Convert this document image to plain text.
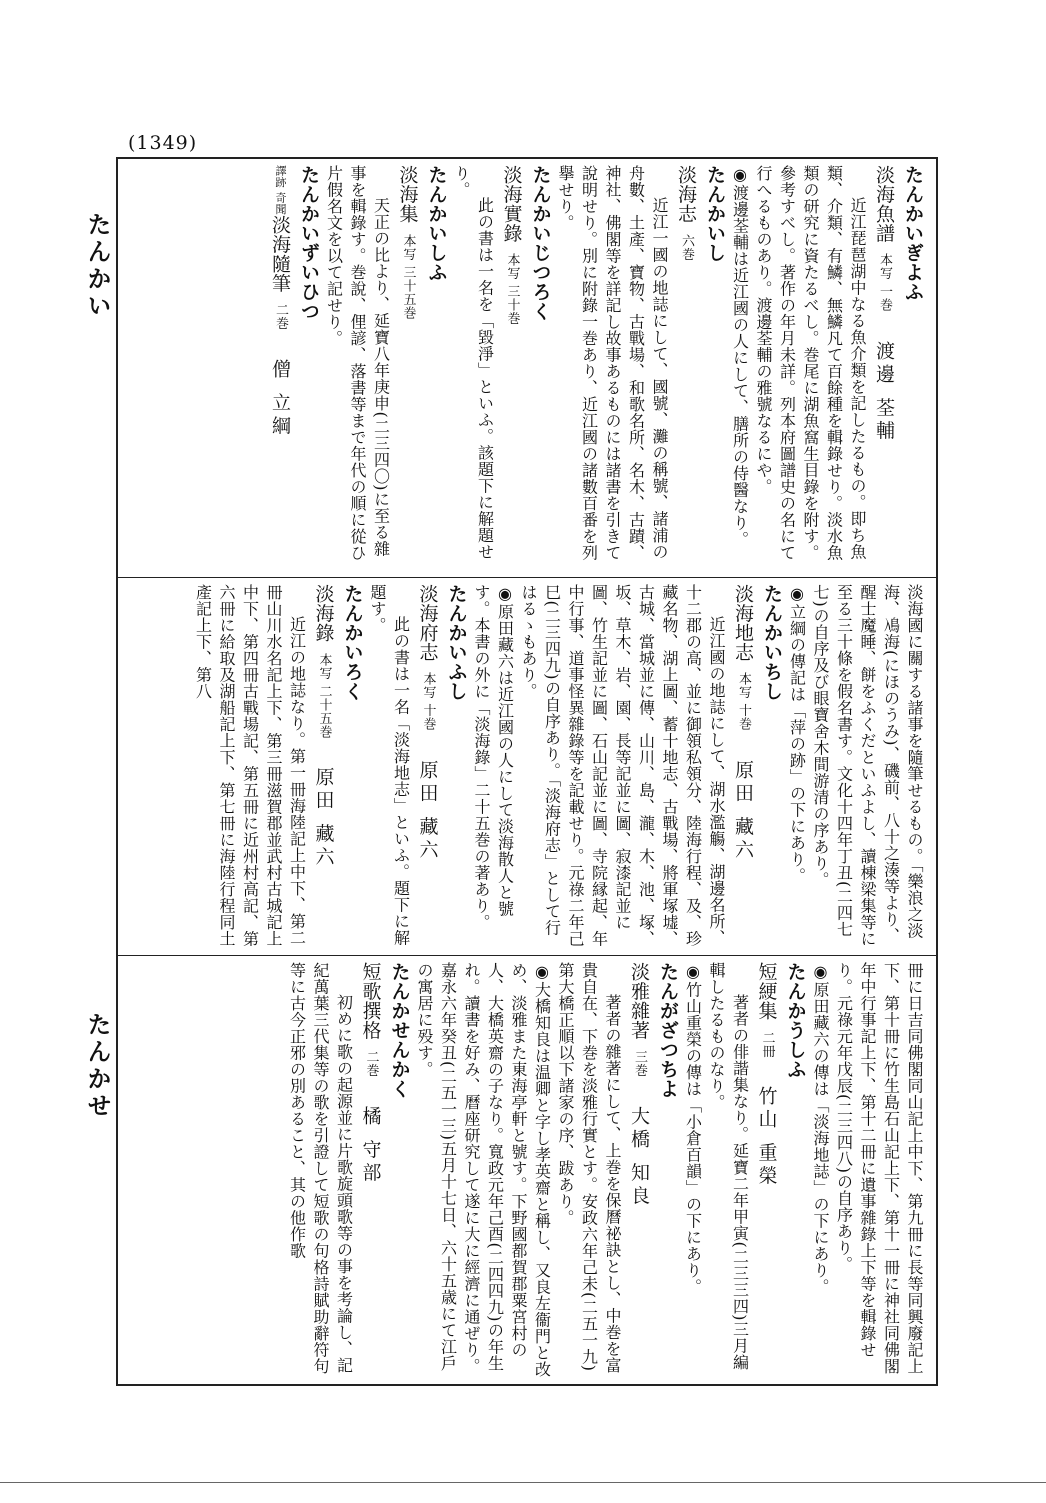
(1349)
たんかい
たんかせ

たんかいぎよふ

淡海魚譜本写 一巻渡邊 荃輔

近江琵琶湖中なる魚介類を記したるもの。即ち魚類、介類、有鱗、無鱗凡て百餘種を輯錄せり。淡水魚類の研究に資たるべし。巻尾に湖魚窩生目錄を附す。參考すべし。著作の年月未詳。列本府圖譜史の名にて行へるものあり。渡邊荃輔の雅號なるにや。

◉渡邊荃輔は近江國の人にして、膳所の侍醫なり。

たんかいし

淡海志六巻

近江一國の地誌にして、國號、灘の稱號、諸浦の舟數、土產、寶物、古戰場、和歌名所、名木、古蹟、神社、佛閣等を詳記し故事あるものには諸書を引きて說明せり。別に附錄一巻あり、近江國の諸數百番を列擧せり。

たんかいじつろく

淡海實錄本写 三十巻

此の書は一名を「毀淨」といふ。該題下に解題せり。

たんかいしふ

淡海集本写 三十五巻

天正の比より、延寶八年庚申(二三四〇)に至る雜事を輯錄す。巻說、俚諺、落書等まで年代の順に從ひ片假名文を以て記せり。

たんかいずいひつ

譯跡 奇聞淡海隨筆二巻僧 立綱

淡海國に關する諸事を隨筆せるもの。「樂浪之淡海、鳰海(にほのうみ)、磯前、八十之湊等より、醒士魔睡、餅をふくだといふよし、讀棟梁集等に至る三十條を假名書す。文化十四年丁丑(二四七七)の自序及び眼寶舍木間游清の序あり。

◉立綱の傳記は「萍の跡」の下にあり。

たんかいちし

淡海地志本写 十巻原田 藏六

近江國の地誌にして、湖水濫觴、湖邊名所、十二郡の高、並に御領私領分、陸海行程、及、珍藏名物、湖上圖、蓄十地志、古戰場、將軍塚墟、古城、當城並に傳、山川、島、瀧、木、池、塚、坂、草木、岩、園、長等記並に圖、寂漆記並に圖、竹生記並に圖、石山記並に圖、寺院縁起、年中行事、道事怪異雜錄等を記載せり。元祿二年己巳(二三四九)の自序あり。「淡海府志」として行はるゝもあり。

◉原田藏六は近江國の人にして淡海散人と號す。本書の外に「淡海錄」二十五巻の著あり。

たんかいふし

淡海府志本写 十巻原田 藏六

此の書は一名「淡海地志」といふ。題下に解題す。

たんかいろく

淡海錄本写 二十五巻原田 藏六

近江の地誌なり。第一冊海陸記上中下、第二冊山川水名記上下、第三冊滋賀郡並武村古城記上中下、第四冊古戰場記、第五冊に近州村高記、第六冊に給取及湖船記上下、第七冊に海陸行程同土產記上下、第八

冊に日吉同佛閣同山記上中下、第九冊に長等同興廢記上下、第十冊に竹生島石山記上下、第十一冊に神社同佛閣年中行事記上下、第十二冊に遺事雜錄上下等を輯錄せり。元祿元年戊辰(二三四八)の自序あり。

◉原田藏六の傳は「淡海地誌」の下にあり。

たんかうしふ

短綆集二冊竹山 重榮

著者の俳諧集なり。延寶二年甲寅(二三三四)三月編輯したるものなり。

◉竹山重榮の傳は「小倉百韻」の下にあり。

たんがざつちよ

淡雅雜著三巻大橋 知良

著者の雜著にして、上巻を保曆祕訣とし、中巻を富貴自在、下巻を淡雅行實とす。安政六年己未(二五一九)第大橋正順以下諸家の序、跋あり。

◉大橋知良は温卿と字し孝英齋と稱し、又良左衞門と改め、淡雅また東海亭軒と號す。下野國都賀郡粟宮村の人、大橋英齋の子なり。寬政元年己酉(二四四九)の年生れ。讀書を好み、曆座研究して遂に大に經濟に通ぜり。嘉永六年癸丑(二五一三)五月十七日、六十五歳にて江戶の寓居に殁す。

たんかせんかく

短歌撰格二巻橘 守部

初めに歌の起源並に片歌旋頭歌等の事を考論し、記紀萬葉三代集等の歌を引證して短歌の句格詩賦助辭符句等に古今正邪の別あること、其の他作歌
